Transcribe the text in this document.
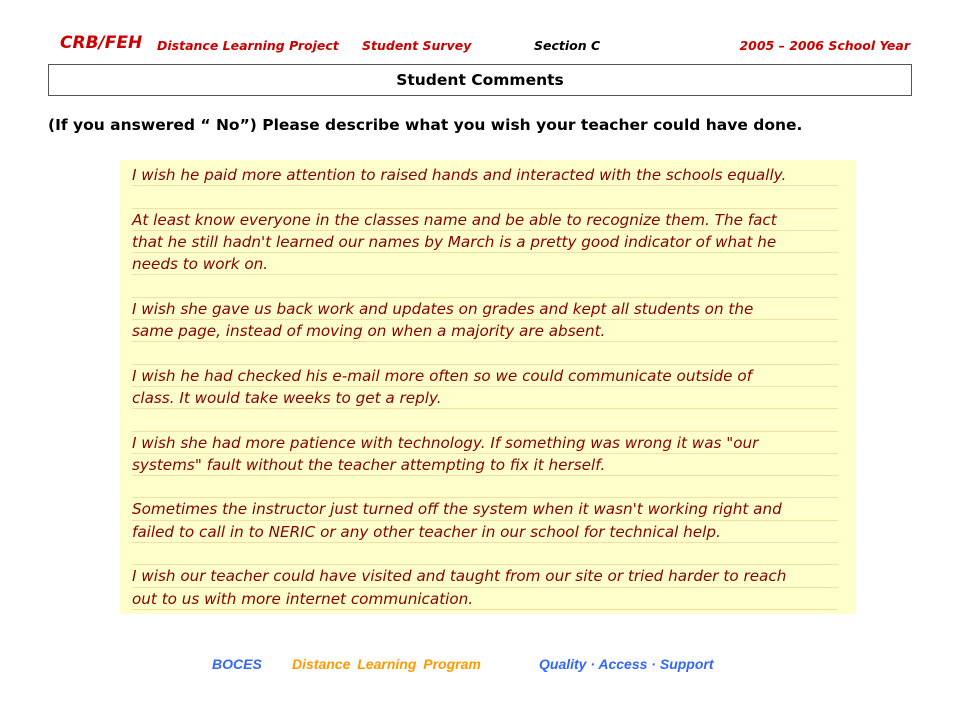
CRB/FEH Distance Learning Project Student Survey	Section C	2005 – 2006 School Year
Student Comments
(If you answered “ No”) Please describe what you wish your teacher could have done.
I wish he paid more attention to raised hands and interacted with the schools equally.
At least know everyone in the classes name and be able to recognize them. The fact
that he still hadn't learned our names by March is a pretty good indicator of what he
needs to work on.
I wish she gave us back work and updates on grades and kept all students on the
same page, instead of moving on when a majority are absent.
I wish he had checked his e-mail more often so we could communicate outside of
class. It would take weeks to get a reply.
I wish she had more patience with technology. If something was wrong it was "our
systems" fault without the teacher attempting to fix it herself.
Sometimes the instructor just turned off the system when it wasn't working right and
failed to call in to NERIC or any other teacher in our school for technical help.
I wish our teacher could have visited and taught from our site or tried harder to reach
out to us with more internet communication.
BOCES Distance Learning Program	Quality · Access · Support
